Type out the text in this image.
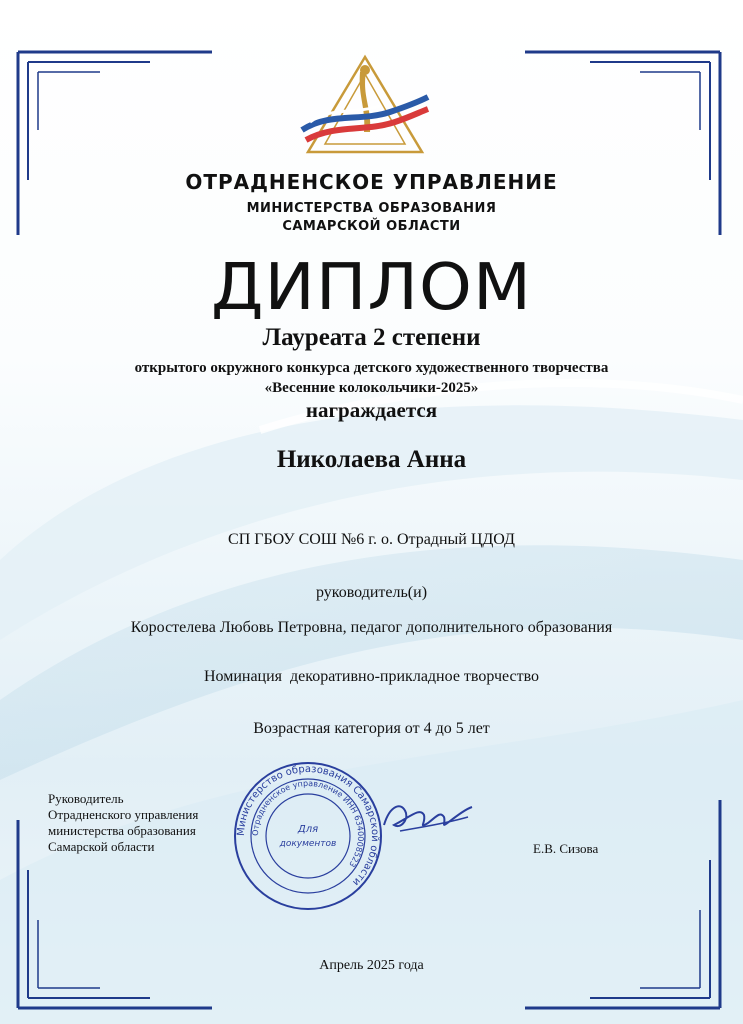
ОТРАДНЕНСКОЕ УПРАВЛЕНИЕ
МИНИСТЕРСТВА ОБРАЗОВАНИЯ
САМАРСКОЙ ОБЛАСТИ
ДИПЛОМ
Лауреата 2 степени
открытого окружного конкурса детского художественного творчества
«Весенние колокольчики-2025»
награждается
Николаева Анна
СП ГБОУ СОШ №6 г. о. Отрадный ЦДОД
руководитель(и)
Коростелева Любовь Петровна, педагог дополнительного образования
Номинация  декоративно-прикладное творчество
Возрастная категория от 4 до 5 лет
Руководитель
Отрадненского управления
министерства образования
Самарской области
Министерство образования Самарской области
Отрадненское управление ИНН 6340008523
Для
документов	Е.В. Сизова
Апрель 2025 года
